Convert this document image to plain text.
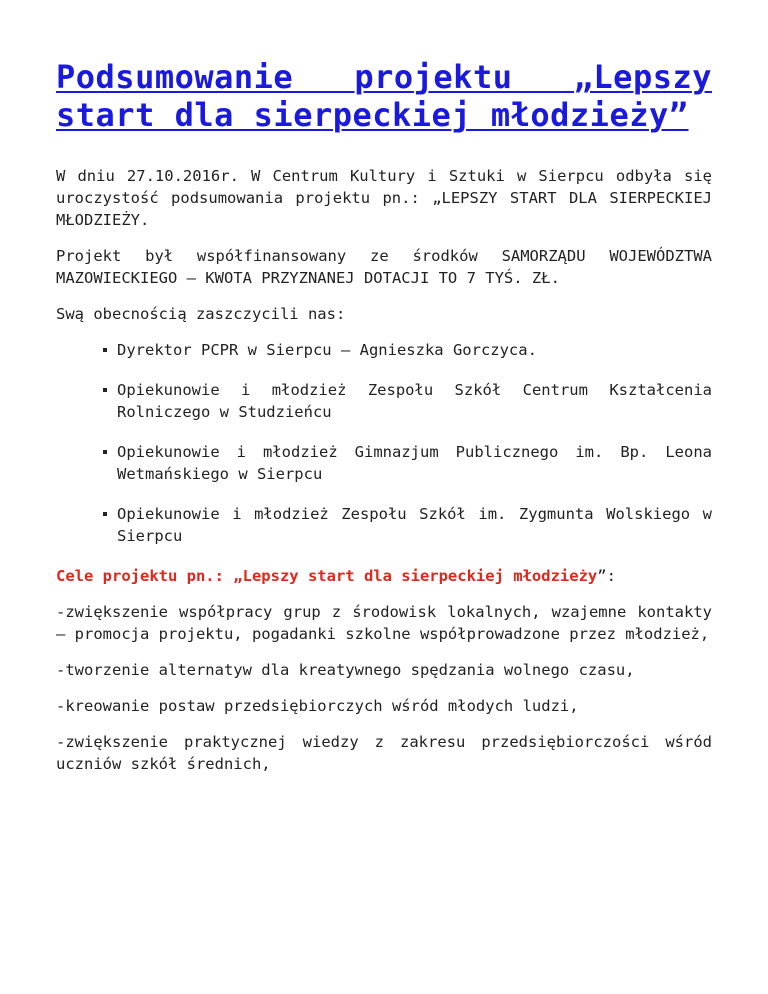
Podsumowanie projektu „Lepszy start dla sierpeckiej młodzieży”

W dniu 27.10.2016r. W Centrum Kultury i Sztuki w Sierpcu odbyła się uroczystość podsumowania projektu pn.: „LEPSZY START DLA SIERPECKIEJ MŁODZIEŻY.

Projekt był współfinansowany ze środków SAMORZĄDU WOJEWÓDZTWA MAZOWIECKIEGO – KWOTA PRZYZNANEJ DOTACJI TO 7 TYŚ. ZŁ.

Swą obecnością zaszczycili nas:

Dyrektor PCPR w Sierpcu – Agnieszka Gorczyca.
Opiekunowie i młodzież Zespołu Szkół Centrum Kształcenia Rolniczego w Studzieńcu
Opiekunowie i młodzież Gimnazjum Publicznego im. Bp. Leona Wetmańskiego w Sierpcu
Opiekunowie i młodzież Zespołu Szkół im. Zygmunta Wolskiego w Sierpcu

Cele projektu pn.: „Lepszy start dla sierpeckiej młodzieży”:

-zwiększenie współpracy grup z środowisk lokalnych, wzajemne kontakty – promocja projektu, pogadanki szkolne współprowadzone przez młodzież,

-tworzenie alternatyw dla kreatywnego spędzania wolnego czasu,

-kreowanie postaw przedsiębiorczych wśród młodych ludzi,

-zwiększenie praktycznej wiedzy z zakresu przedsiębiorczości wśród uczniów szkół średnich,
